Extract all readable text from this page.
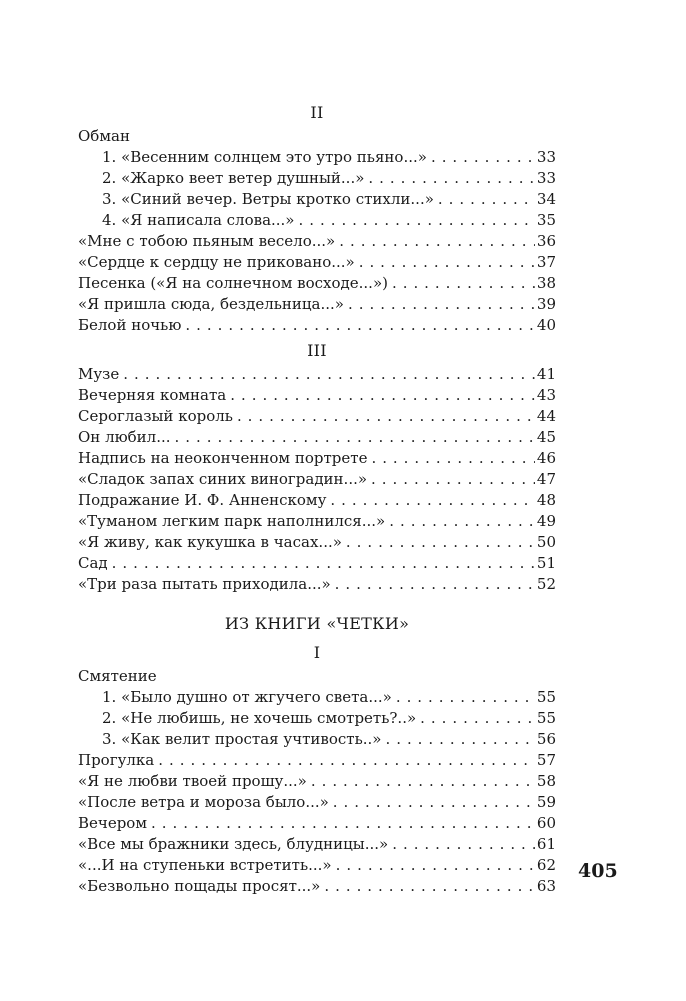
II
Обман
1. «Весенним солнцем это утро пьяно...» . . .	33
2. «Жарко веет ветер душный...» . . .	33
3. «Синий вечер. Ветры кротко стихли...» . . .	34
4. «Я написала слова...» . . .	35
«Мне с тобою пьяным весело...» . . .	36
«Сердце к сердцу не приковано...» . . .	37
Песенка («Я на солнечном восходе...») . . .	38
«Я пришла сюда, бездельница...» . . .	39
Белой ночью . . .	40
III
Музе . . .	41
Вечерняя комната . . .	43
Сероглазый король . . .	44
Он любил... . . .	45
Надпись на неоконченном портрете . . .	46
«Сладок запах синих виноградин...» . . .	47
Подражание И. Ф. Анненскому . . .	48
«Туманом легким парк наполнился...» . . .	49
«Я живу, как кукушка в часах...» . . .	50
Сад . . .	51
«Три раза пытать приходила...» . . .	52
ИЗ КНИГИ «ЧЕТКИ»
I
Смятение
1. «Было душно от жгучего света...» . . .	55
2. «Не любишь, не хочешь смотреть?..» . . .	55
3. «Как велит простая учтивость..» . . .	56
Прогулка . . .	57
«Я не любви твоей прошу...» . . .	58
«После ветра и мороза было...» . . .	59
Вечером . . .	60
«Все мы бражники здесь, блудницы...» . . .	61
«...И на ступеньки встретить...» . . .	62
«Безвольно пощады просят...» . . .	63
405
